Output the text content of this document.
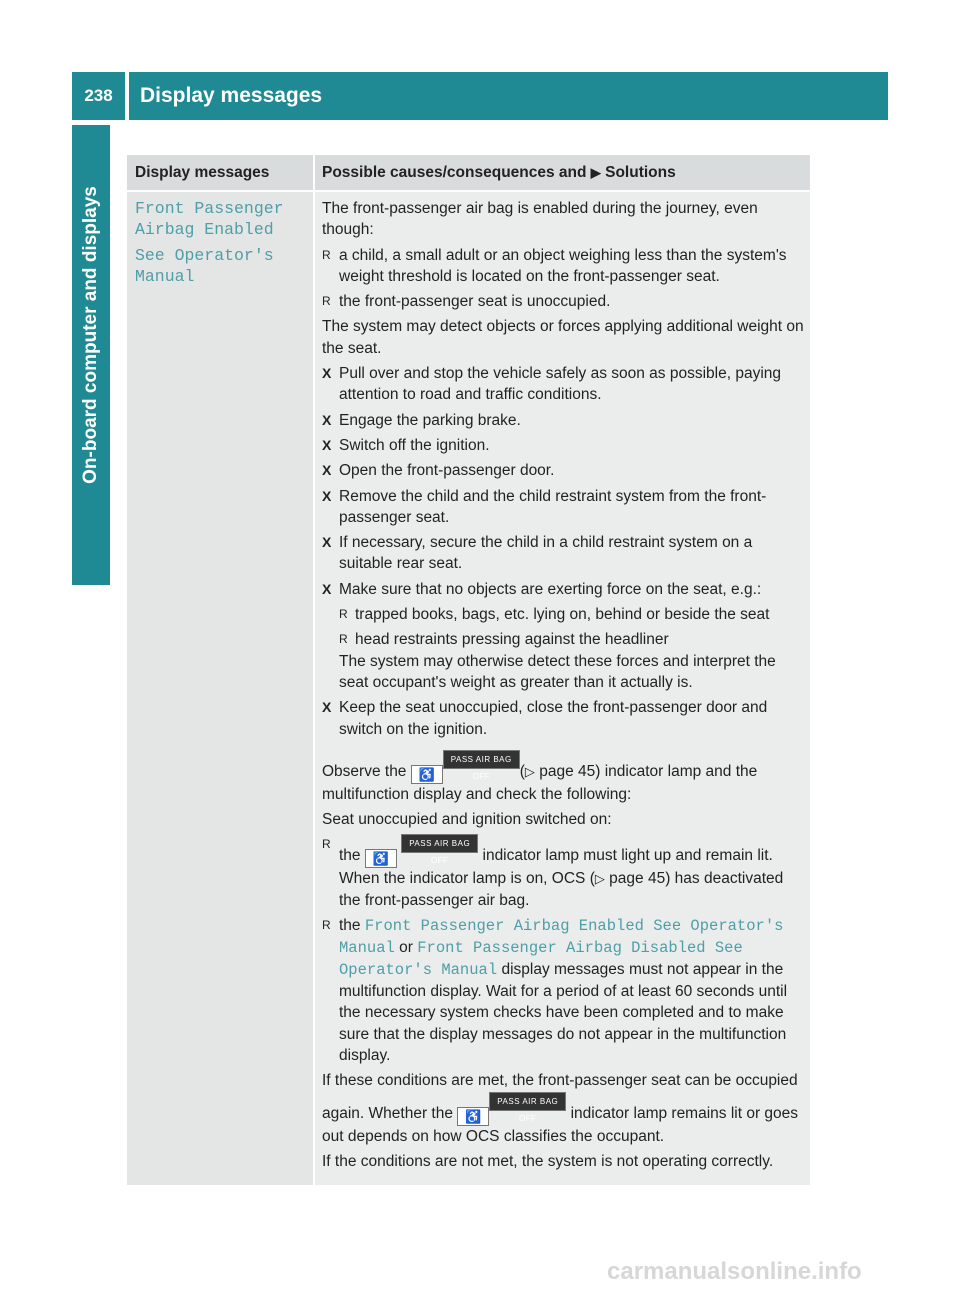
238	Display messages
On-board computer and displays
Display messages	Possible causes/consequences and ▶ Solutions
Front Passenger
Airbag Enabled
See Operator's
Manual

The front-passenger air bag is enabled during the journey, even though:

R a child, a small adult or an object weighing less than the system's weight threshold is located on the front-passenger seat.
R the front-passenger seat is unoccupied.

The system may detect objects or forces applying additional weight on the seat.

X Pull over and stop the vehicle safely as soon as possible, paying attention to road and traffic conditions.
X Engage the parking brake.
X Switch off the ignition.
X Open the front-passenger door.
X Remove the child and the child restraint system from the front-passenger seat.
X If necessary, secure the child in a child restraint system on a suitable rear seat.
X Make sure that no objects are exerting force on the seat, e.g.:
R trapped books, bags, etc. lying on, behind or beside the seat
R head restraints pressing against the headliner
The system may otherwise detect these forces and interpret the seat occupant's weight as greater than it actually is.
X Keep the seat unoccupied, close the front-passenger door and switch on the ignition.

Observe the ♿PASS AIR BAG OFF (▷ page 45) indicator lamp and the multifunction display and check the following:

Seat unoccupied and ignition switched on:

R
the ♿ PASS AIR BAG OFF indicator lamp must light up and remain lit. When the indicator lamp is on, OCS (▷ page 45) has deactivated the front-passenger air bag.
R the Front Passenger Airbag Enabled See Operator's Manual or Front Passenger Airbag Disabled See Operator's Manual display messages must not appear in the multifunction display. Wait for a period of at least 60 seconds until the necessary system checks have been completed and to make sure that the display messages do not appear in the multifunction display.

If these conditions are met, the front-passenger seat can be occupied again. Whether the ♿PASS AIR BAG OFF indicator lamp remains lit or goes out depends on how OCS classifies the occupant.

If the conditions are not met, the system is not operating correctly.

carmanualsonline.info
